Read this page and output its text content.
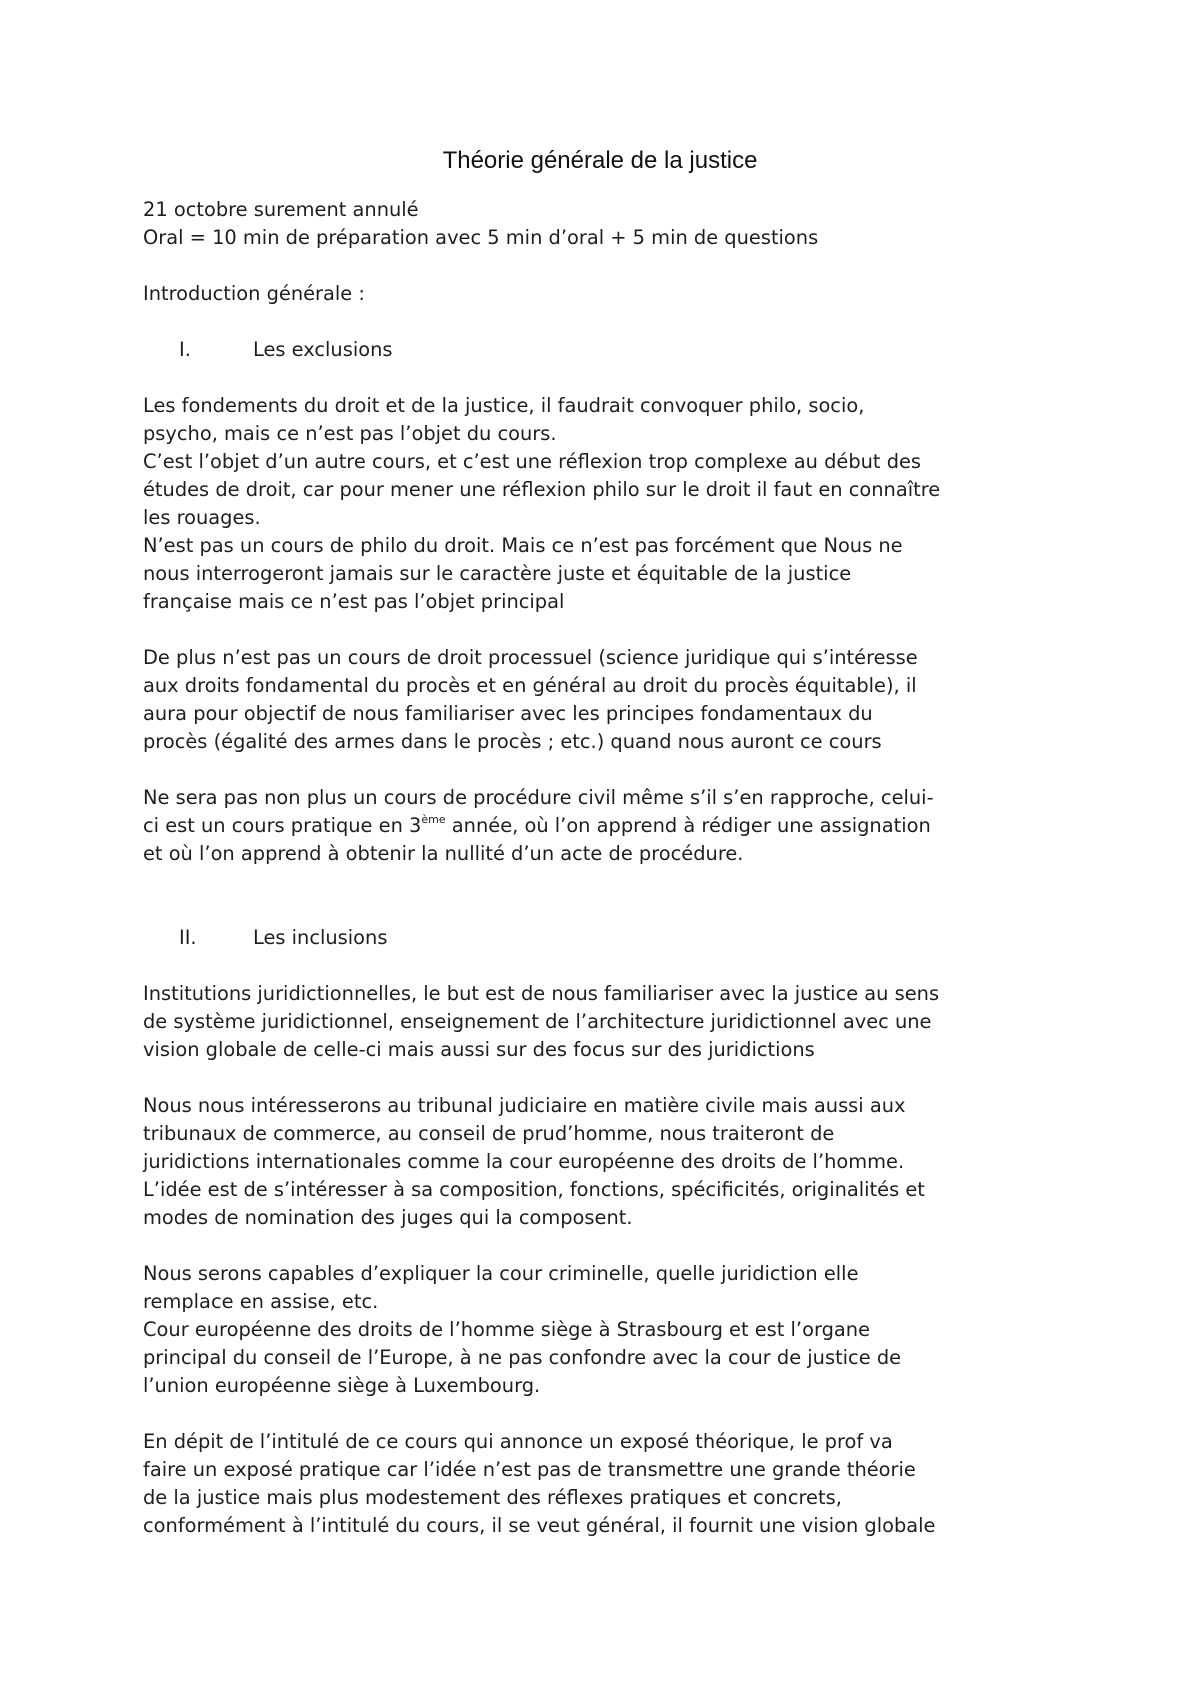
Théorie générale de la justice

21 octobre surement annulé

Oral = 10 min de préparation avec 5 min d’oral + 5 min de questions

Introduction générale :

I.	Les exclusions

Les fondements du droit et de la justice, il faudrait convoquer philo, socio,

psycho, mais ce n’est pas l’objet du cours.

C’est l’objet d’un autre cours, et c’est une réflexion trop complexe au début des

études de droit, car pour mener une réflexion philo sur le droit il faut en connaître

les rouages.

N’est pas un cours de philo du droit. Mais ce n’est pas forcément que Nous ne

nous interrogeront jamais sur le caractère juste et équitable de la justice

française mais ce n’est pas l’objet principal

De plus n’est pas un cours de droit processuel (science juridique qui s’intéresse

aux droits fondamental du procès et en général au droit du procès équitable), il

aura pour objectif de nous familiariser avec les principes fondamentaux du

procès (égalité des armes dans le procès ; etc.) quand nous auront ce cours

Ne sera pas non plus un cours de procédure civil même s’il s’en rapproche, celui-

ci est un cours pratique en 3ème année, où l’on apprend à rédiger une assignation

et où l’on apprend à obtenir la nullité d’un acte de procédure.

II.	Les inclusions

Institutions juridictionnelles, le but est de nous familiariser avec la justice au sens

de système juridictionnel, enseignement de l’architecture juridictionnel avec une

vision globale de celle-ci mais aussi sur des focus sur des juridictions

Nous nous intéresserons au tribunal judiciaire en matière civile mais aussi aux

tribunaux de commerce, au conseil de prud’homme, nous traiteront de

juridictions internationales comme la cour européenne des droits de l’homme.

L’idée est de s’intéresser à sa composition, fonctions, spécificités, originalités et

modes de nomination des juges qui la composent.

Nous serons capables d’expliquer la cour criminelle, quelle juridiction elle

remplace en assise, etc.

Cour européenne des droits de l’homme siège à Strasbourg et est l’organe

principal du conseil de l’Europe, à ne pas confondre avec la cour de justice de

l’union européenne siège à Luxembourg.

En dépit de l’intitulé de ce cours qui annonce un exposé théorique, le prof va

faire un exposé pratique car l’idée n’est pas de transmettre une grande théorie

de la justice mais plus modestement des réflexes pratiques et concrets,

conformément à l’intitulé du cours, il se veut général, il fournit une vision globale
